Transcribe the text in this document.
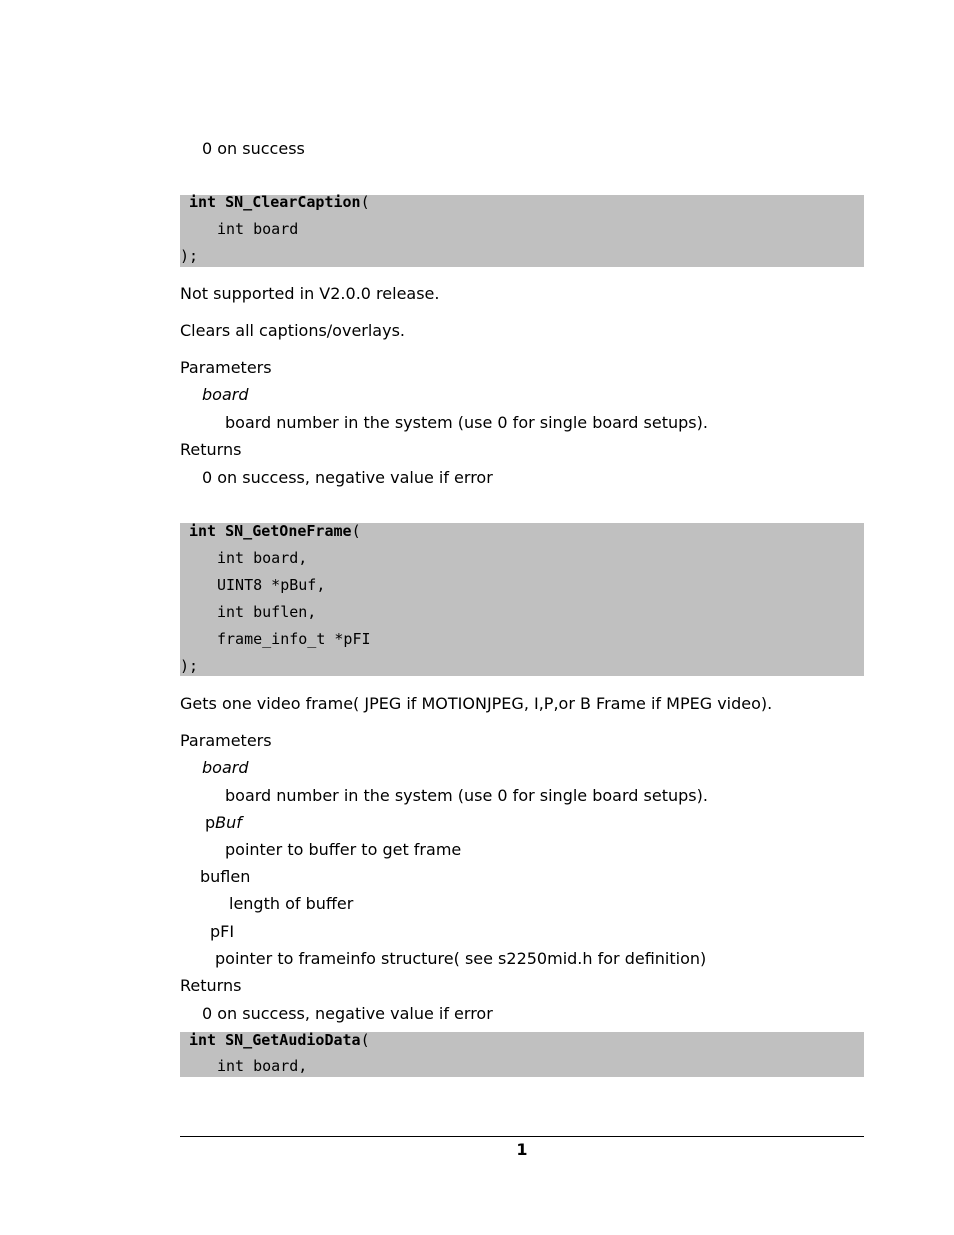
0 on success
int SN_ClearCaption(
int board
);
Not supported in V2.0.0 release.
Clears all captions/overlays.
Parameters
board
board number in the system (use 0 for single board setups).
Returns
0 on success, negative value if error
int SN_GetOneFrame(
int board,
UINT8 *pBuf,
int buflen,
frame_info_t *pFI
);
Gets one video frame( JPEG if MOTIONJPEG, I,P,or B Frame if MPEG video).
Parameters
board
board number in the system (use 0 for single board setups).
pBuf
pointer to buffer to get frame
buflen
length of buffer
pFI
pointer to frameinfo structure( see s2250mid.h for definition)
Returns
0 on success, negative value if error
int SN_GetAudioData(
int board,
1
